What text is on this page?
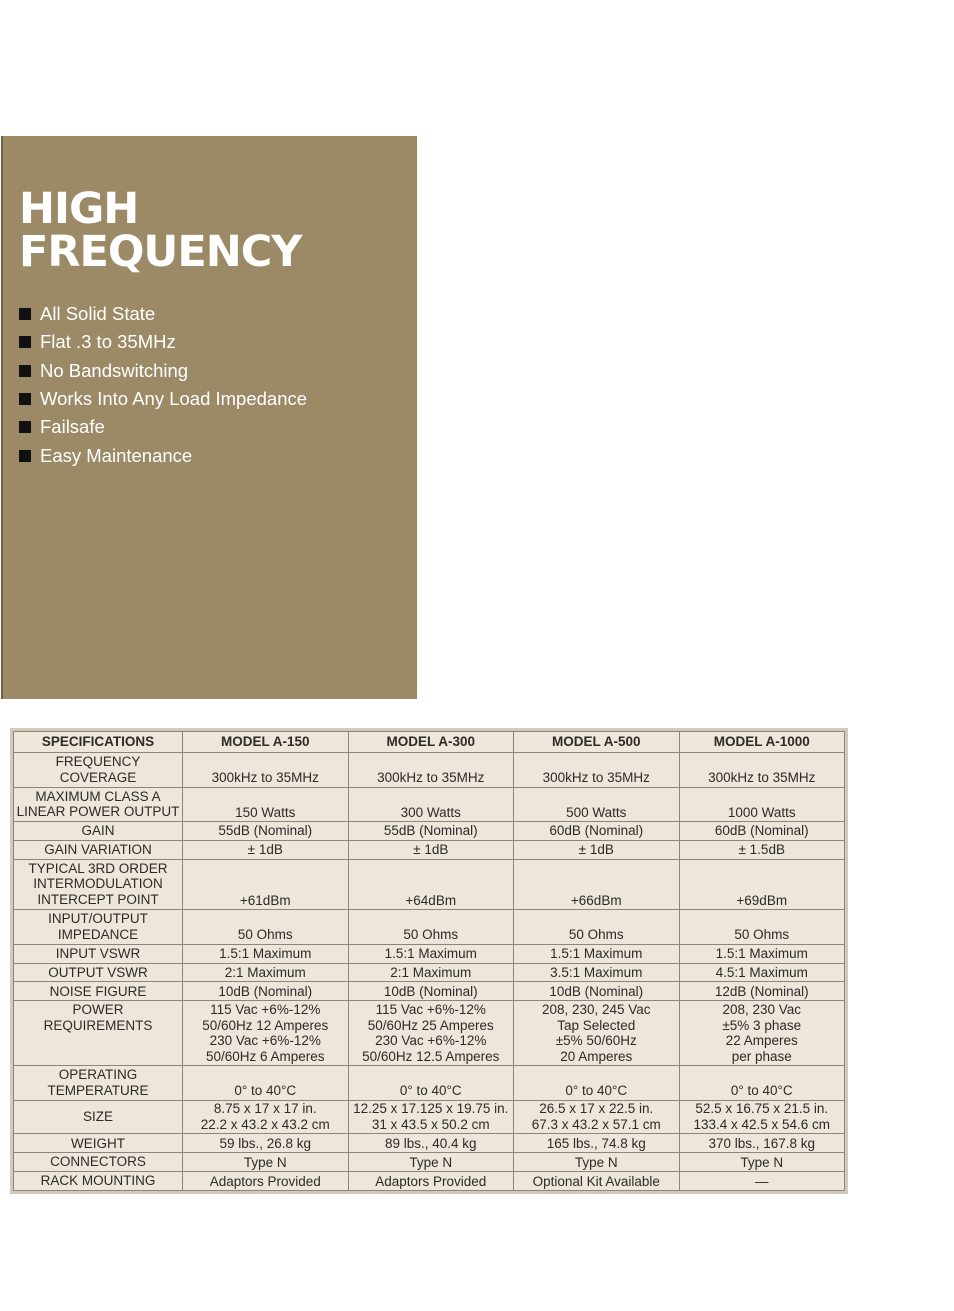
HIGH
FREQUENCY
All Solid State
Flat .3 to 35MHz
No Bandswitching
Works Into Any Load Impedance
Failsafe
Easy Maintenance
SPECIFICATIONS	MODEL A-150	MODEL A-300	MODEL A-500	MODEL A-1000

FREQUENCY
COVERAGE	300kHz to 35MHz	300kHz to 35MHz	300kHz to 35MHz	300kHz to 35MHz

MAXIMUM CLASS A
LINEAR POWER OUTPUT	150 Watts	300 Watts	500 Watts	1000 Watts

GAIN	55dB (Nominal)	55dB (Nominal)	60dB (Nominal)	60dB (Nominal)

GAIN VARIATION	± 1dB	± 1dB	± 1dB	± 1.5dB

TYPICAL 3RD ORDER
INTERMODULATION
INTERCEPT POINT	+61dBm	+64dBm	+66dBm	+69dBm

INPUT/OUTPUT
IMPEDANCE	50 Ohms	50 Ohms	50 Ohms	50 Ohms

INPUT VSWR	1.5:1 Maximum	1.5:1 Maximum	1.5:1 Maximum	1.5:1 Maximum

OUTPUT VSWR	2:1 Maximum	2:1 Maximum	3.5:1 Maximum	4.5:1 Maximum

NOISE FIGURE	10dB (Nominal)	10dB (Nominal)	10dB (Nominal)	12dB (Nominal)

POWER
REQUIREMENTS	115 Vac +6%-12%
50/60Hz 12 Amperes
230 Vac +6%-12%
50/60Hz 6 Amperes	115 Vac +6%-12%
50/60Hz 25 Amperes
230 Vac +6%-12%
50/60Hz 12.5 Amperes	208, 230, 245 Vac
Tap Selected
±5% 50/60Hz
20 Amperes	208, 230 Vac
±5% 3 phase
22 Amperes
per phase

OPERATING
TEMPERATURE	0° to 40°C	0° to 40°C	0° to 40°C	0° to 40°C

SIZE	8.75 x 17 x 17 in.
22.2 x 43.2 x 43.2 cm	12.25 x 17.125 x 19.75 in.
31 x 43.5 x 50.2 cm	26.5 x 17 x 22.5 in.
67.3 x 43.2 x 57.1 cm	52.5 x 16.75 x 21.5 in.
133.4 x 42.5 x 54.6 cm

WEIGHT	59 lbs., 26.8 kg	89 lbs., 40.4 kg	165 lbs., 74.8 kg	370 lbs., 167.8 kg

CONNECTORS	Type N	Type N	Type N	Type N

RACK MOUNTING	Adaptors Provided	Adaptors Provided	Optional Kit Available	—
